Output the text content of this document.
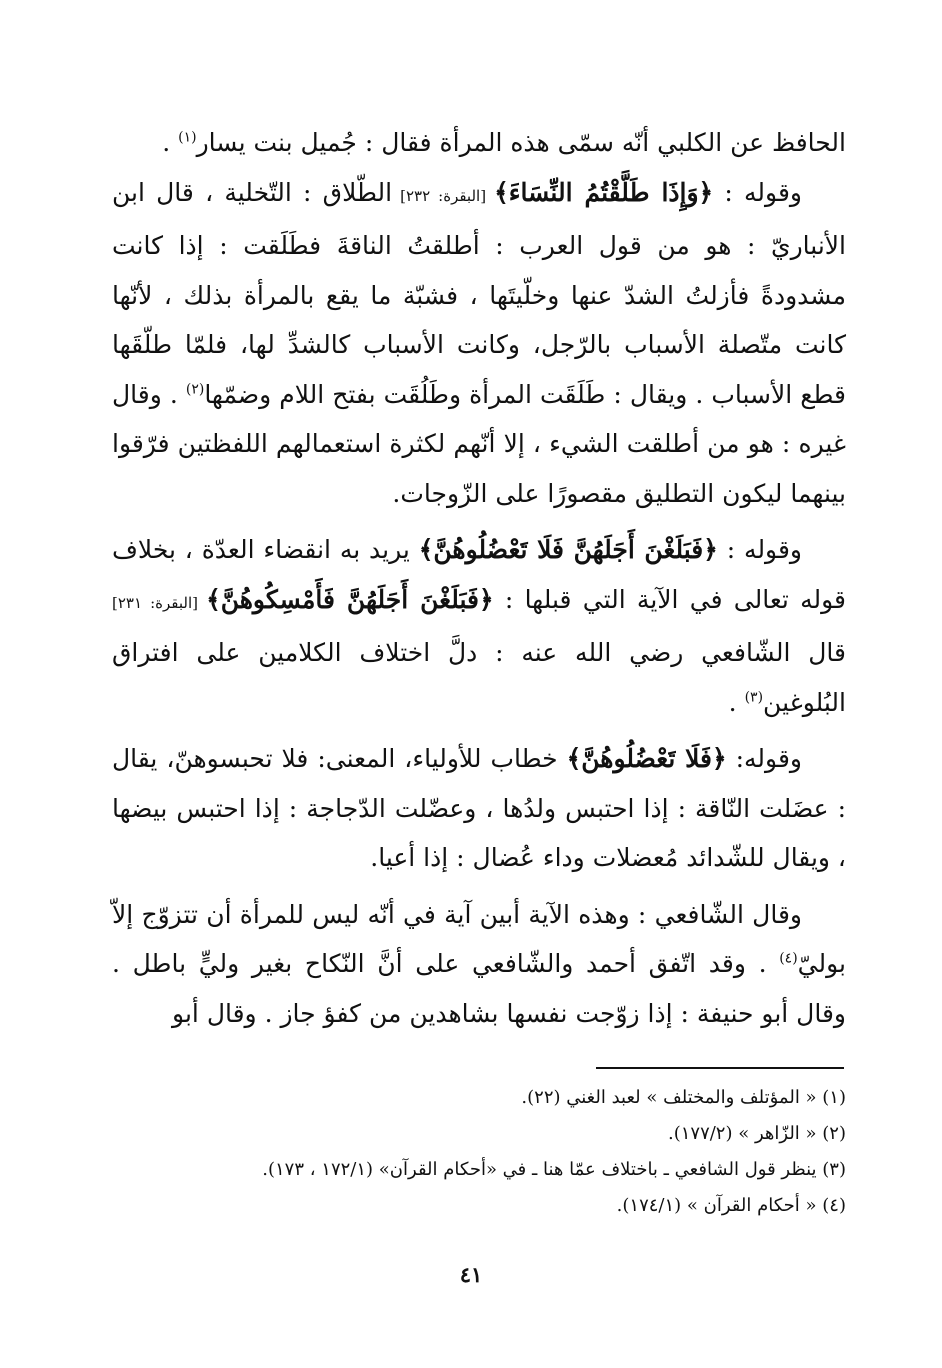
الحافظ عن الكلبي أنّه سمّى هذه المرأة فقال : جُميل بنت يسار$^{(١)}$ .

وقوله : ﴿وَإِذَا طَلَّقْتُمُ النِّسَاءَ﴾ [البقرة: ٢٣٢] الطّلاق : التّخلية ، قال ابن الأنباريّ : هو من قول العرب : أطلقتُ الناقةَ فطَلَقت : إذا كانت مشدودةً فأزلتُ الشدّ عنها وخلّيتَها ، فشبّة ما يقع بالمرأة بذلك ، لأنّها كانت متّصلة الأسباب بالرّجل، وكانت الأسباب كالشدِّ لها، فلمّا طلّقَها قطع الأسباب . ويقال : طَلَقَت المرأة وطَلُقَت بفتح اللام وضمّها$^{(٢)}$ . وقال غيره : هو من أطلقت الشيء ، إلا أنّهم لكثرة استعمالهم اللفظتين فرّقوا بينهما ليكون التطليق مقصورًا على الزّوجات.

وقوله : ﴿فَبَلَغْنَ أَجَلَهُنَّ فَلَا تَعْضُلُوهُنَّ﴾ يريد به انقضاء العدّة ، بخلاف قوله تعالى في الآية التي قبلها : ﴿فَبَلَغْنَ أَجَلَهُنَّ فَأَمْسِكُوهُنَّ﴾ [البقرة: ٢٣١] قال الشّافعي رضي الله عنه : دلَّ اختلاف الكلامين على افتراق البُلوغين$^{(٣)}$ .

وقوله: ﴿فَلَا تَعْضُلُوهُنَّ﴾ خطاب للأولياء، المعنى: فلا تحبسوهنّ، يقال : عضَلت النّاقة : إذا احتبس ولدُها ، وعضّلت الدّجاجة : إذا احتبس بيضها ، ويقال للشّدائد مُعضلات وداء عُضال : إذا أعيا.

وقال الشّافعي : وهذه الآية أبين آية في أنّه ليس للمرأة أن تتزوّج إلاّ بوليّ$^{(٤)}$ . وقد اتّفق أحمد والشّافعي على أنَّ النّكاح بغير وليٍّ باطل . وقال أبو حنيفة : إذا زوّجت نفسها بشاهدين من كفؤ جاز . وقال أبو

(١) « المؤتلف والمختلف » لعبد الغني (٢٢).

(٢) « الزّاهر » (١٧٧/٢).

(٣) ينظر قول الشافعي ـ باختلاف عمّا هنا ـ في «أحكام القرآن» (١٧٢/١ ، ١٧٣).

(٤) « أحكام القرآن » (١٧٤/١).

٤١
